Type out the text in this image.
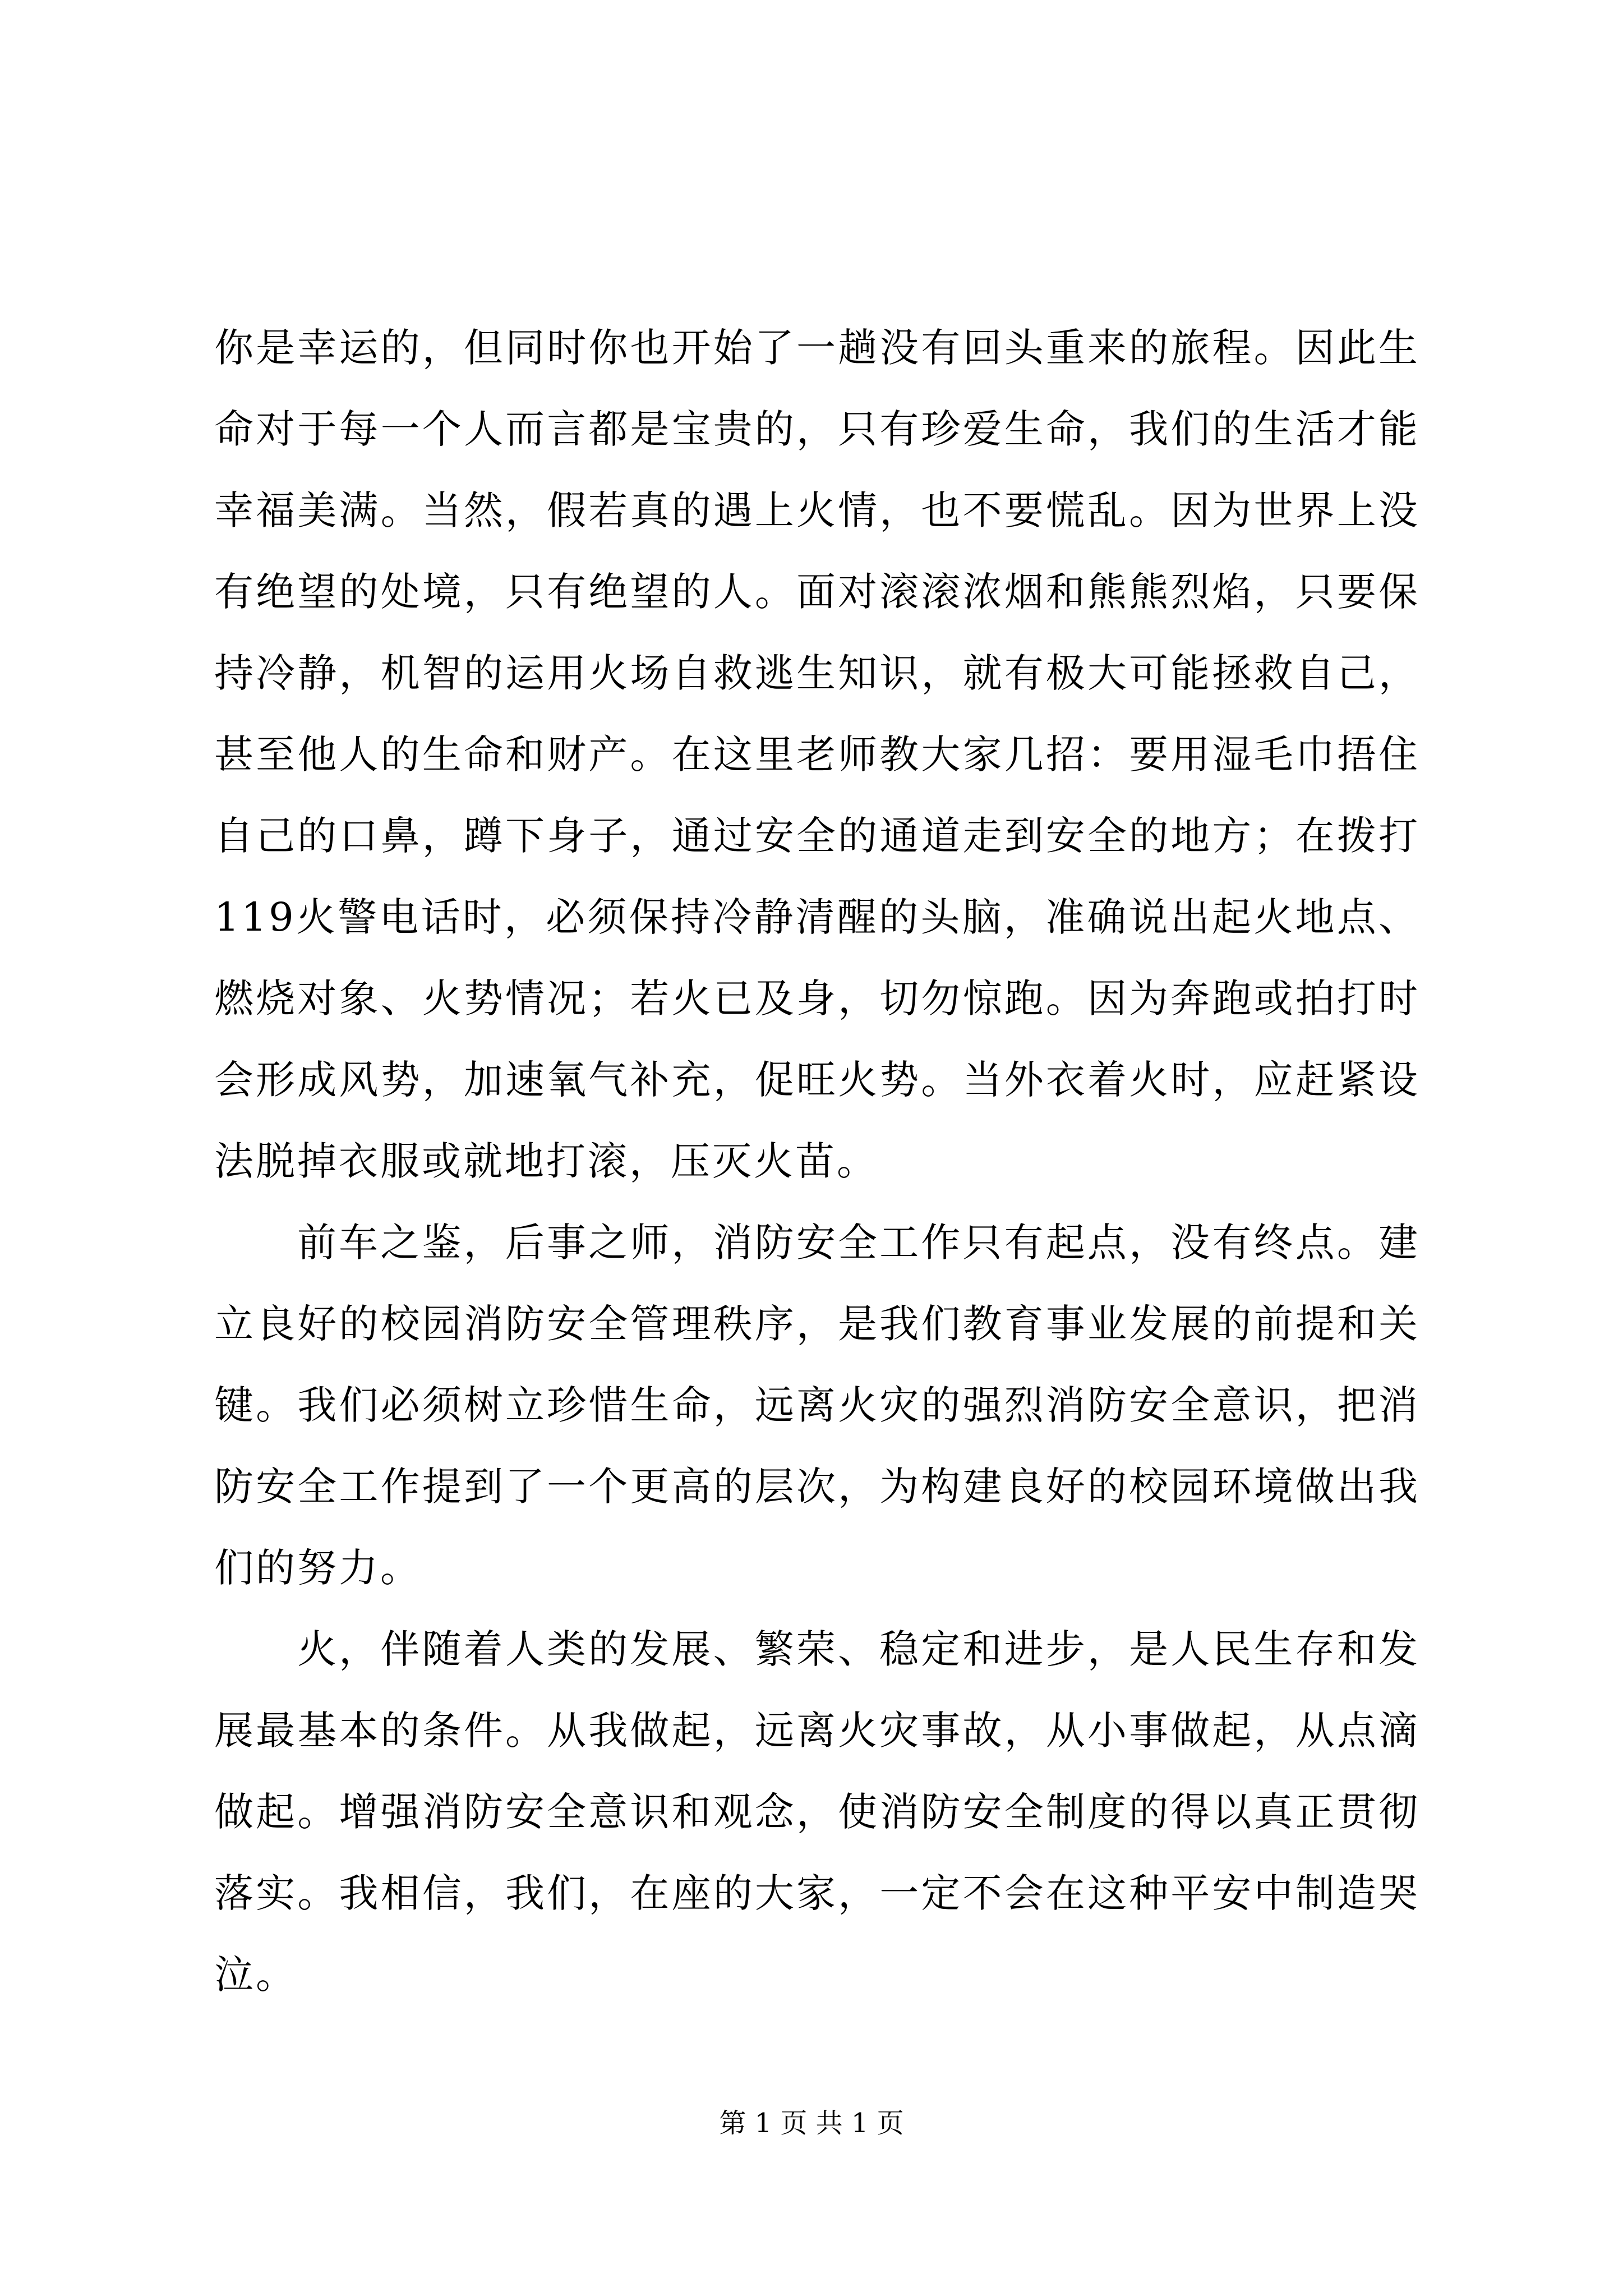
你是幸运的，但同时你也开始了一趟没有回头重来的旅程。因此生命对于每一个人而言都是宝贵的，只有珍爱生命，我们的生活才能幸福美满。当然，假若真的遇上火情，也不要慌乱。因为世界上没有绝望的处境，只有绝望的人。面对滚滚浓烟和熊熊烈焰，只要保持冷静，机智的运用火场自救逃生知识，就有极大可能拯救自己，甚至他人的生命和财产。在这里老师教大家几招：要用湿毛巾捂住自己的口鼻，蹲下身子，通过安全的通道走到安全的地方；在拨打119火警电话时，必须保持冷静清醒的头脑，准确说出起火地点、燃烧对象、火势情况；若火已及身，切勿惊跑。因为奔跑或拍打时会形成风势，加速氧气补充，促旺火势。当外衣着火时，应赶紧设法脱掉衣服或就地打滚，压灭火苗。

前车之鉴，后事之师，消防安全工作只有起点，没有终点。建立良好的校园消防安全管理秩序，是我们教育事业发展的前提和关键。我们必须树立珍惜生命，远离火灾的强烈消防安全意识，把消防安全工作提到了一个更高的层次，为构建良好的校园环境做出我们的努力。

火，伴随着人类的发展、繁荣、稳定和进步，是人民生存和发展最基本的条件。从我做起，远离火灾事故，从小事做起，从点滴做起。增强消防安全意识和观念，使消防安全制度的得以真正贯彻落实。我相信，我们，在座的大家，一定不会在这种平安中制造哭泣。

第 1 页 共 1 页
